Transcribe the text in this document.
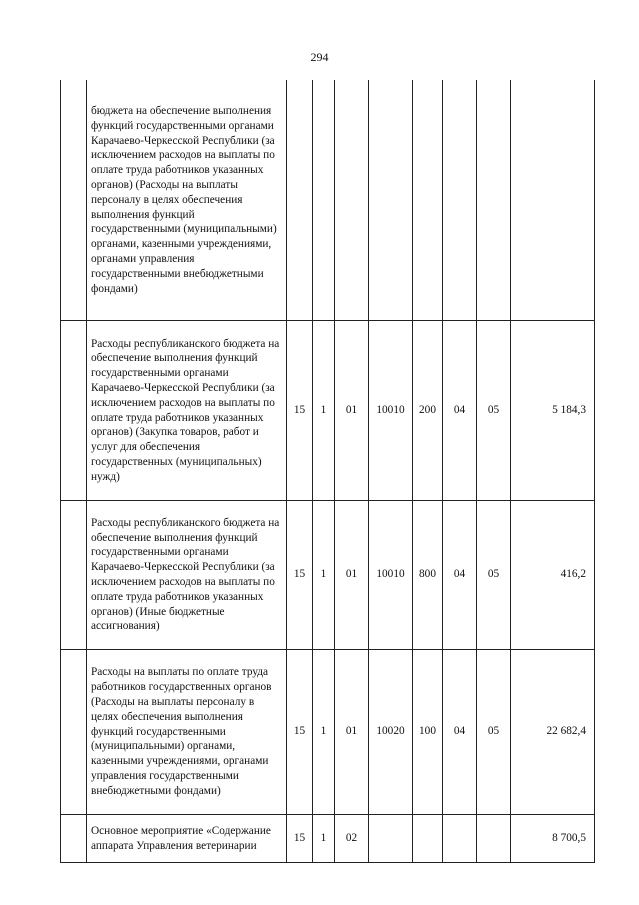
294
	бюджета на обеспечение выполнения функций государственными органами Карачаево-Черкесской Республики (за исключением расходов на выплаты по оплате труда работников указанных органов) (Расходы на выплаты персоналу в целях обеспечения выполнения функций государственными (муниципальными) органами, казенными учреждениями, органами управления государственными внебюджетными фондами)								
	Расходы республиканского бюджета на обеспечение выполнения функций государственными органами Карачаево-Черкесской Республики (за исключением расходов на выплаты по оплате труда работников указанных органов) (Закупка товаров, работ и услуг для обеспечения государственных (муниципальных) нужд)	15	1	01	10010	200	04	05	5 184,3
	Расходы республиканского бюджета на обеспечение выполнения функций государственными органами Карачаево-Черкесской Республики (за исключением расходов на выплаты по оплате труда работников указанных органов) (Иные бюджетные ассигнования)	15	1	01	10010	800	04	05	416,2
	Расходы на выплаты по оплате труда работников государственных органов (Расходы на выплаты персоналу в целях обеспечения выполнения функций государственными (муниципальными) органами, казенными учреждениями, органами управления государственными внебюджетными фондами)	15	1	01	10020	100	04	05	22 682,4
	Основное мероприятие «Содержание аппарата Управления ветеринарии	15	1	02					8 700,5
